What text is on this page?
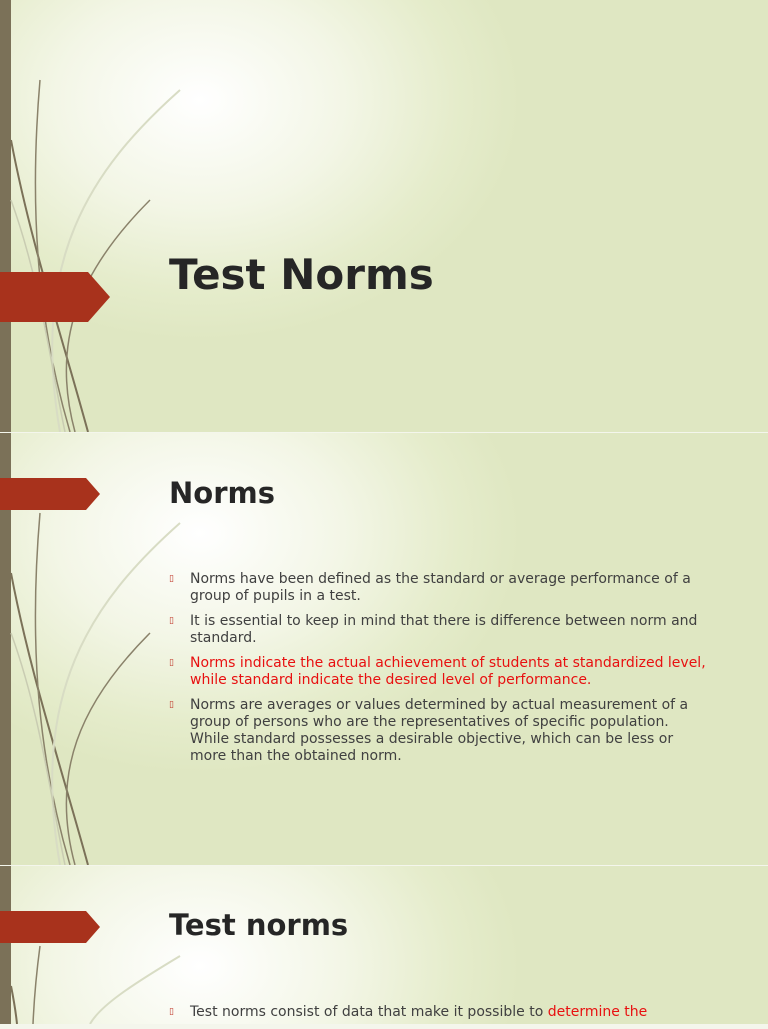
Test Norms
Norms
▯ Norms have been defined as the standard or average performance of a group of pupils in a test.
▯ It is essential to keep in mind that there is difference between norm and standard.
▯ Norms indicate the actual achievement of students at standardized level, while standard indicate the desired level of performance.
▯ Norms are averages or values determined by actual measurement of a group of persons who are the representatives of specific population. While standard possesses a desirable objective, which can be less or more than the obtained norm.
Test norms
▯ Test norms consist of data that make it possible to determine the
